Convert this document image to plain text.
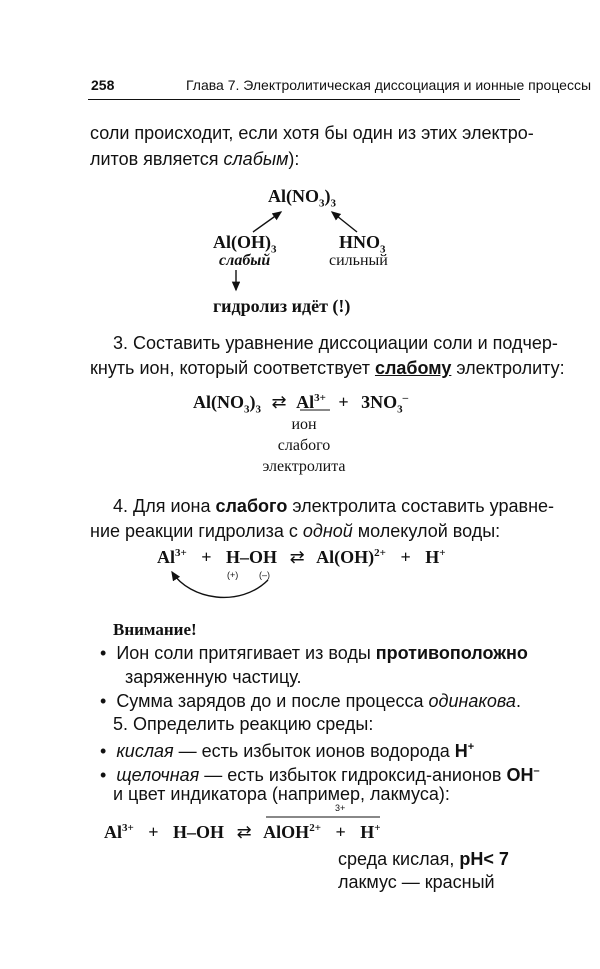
258	Глава 7. Электролитическая диссоциация и ионные процессы
соли происходит, если хотя бы один из этих электро-
литов является слабым):
$Al(NO_3)_3$
$Al(OH)_3$	$HNO_3$
слабый	сильный
гидролиз идёт (!)
3. Составить уравнение диссоциации соли и подчер-
кнуть ион, который соответствует слабому электролиту:
$Al(NO_3)_3$ ⇄ $Al^{3+} + 3NO_3^-$
ион
слабого
электролита
4. Для иона слабого электролита составить уравне-
ние реакции гидролиза с одной молекулой воды:
$Al^{3+} + H-OH$ ⇄ Al(OH)$^{2+}$ + H+
(+) (–)
Внимание!
•  Ион соли притягивает из воды противоположно
заряженную частицу.
•  Сумма зарядов до и после процесса одинакова.
5. Определить реакцию среды:
•  кислая — есть избыток ионов водорода H+
•  щелочная — есть избыток гидроксид-анионов OH–
и цвет индикатора (например, лакмуса):
3+
$Al^{3+} + H-OH$ ⇄ AlOH$^{2+}$ + H+
среда кислая, pH< 7
лакмус — красный
